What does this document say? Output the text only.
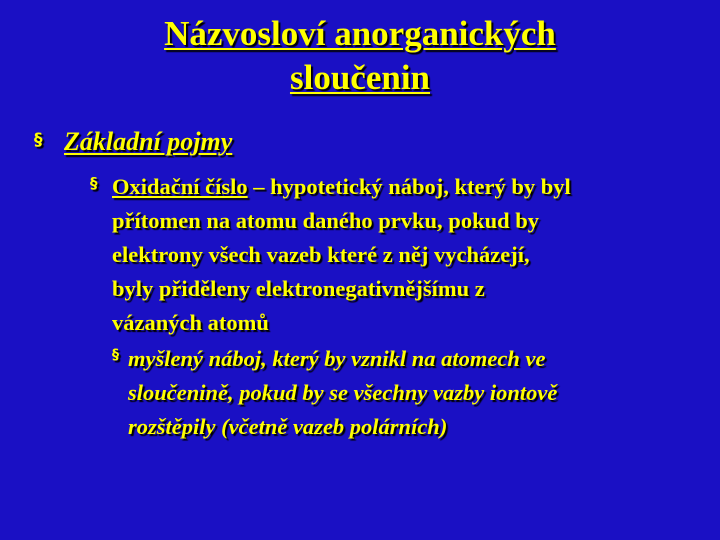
Názvosloví anorganických
sloučenin
§ Základní pojmy
§ Oxidační číslo – hypotetický náboj, který by byl
přítomen na atomu daného prvku, pokud by
elektrony všech vazeb které z něj vycházejí,
byly přiděleny elektronegativnějšímu z
vázaných atomů
§ myšlený náboj, který by vznikl na atomech ve
sloučenině, pokud by se všechny vazby iontově
rozštěpily (včetně vazeb polárních)
